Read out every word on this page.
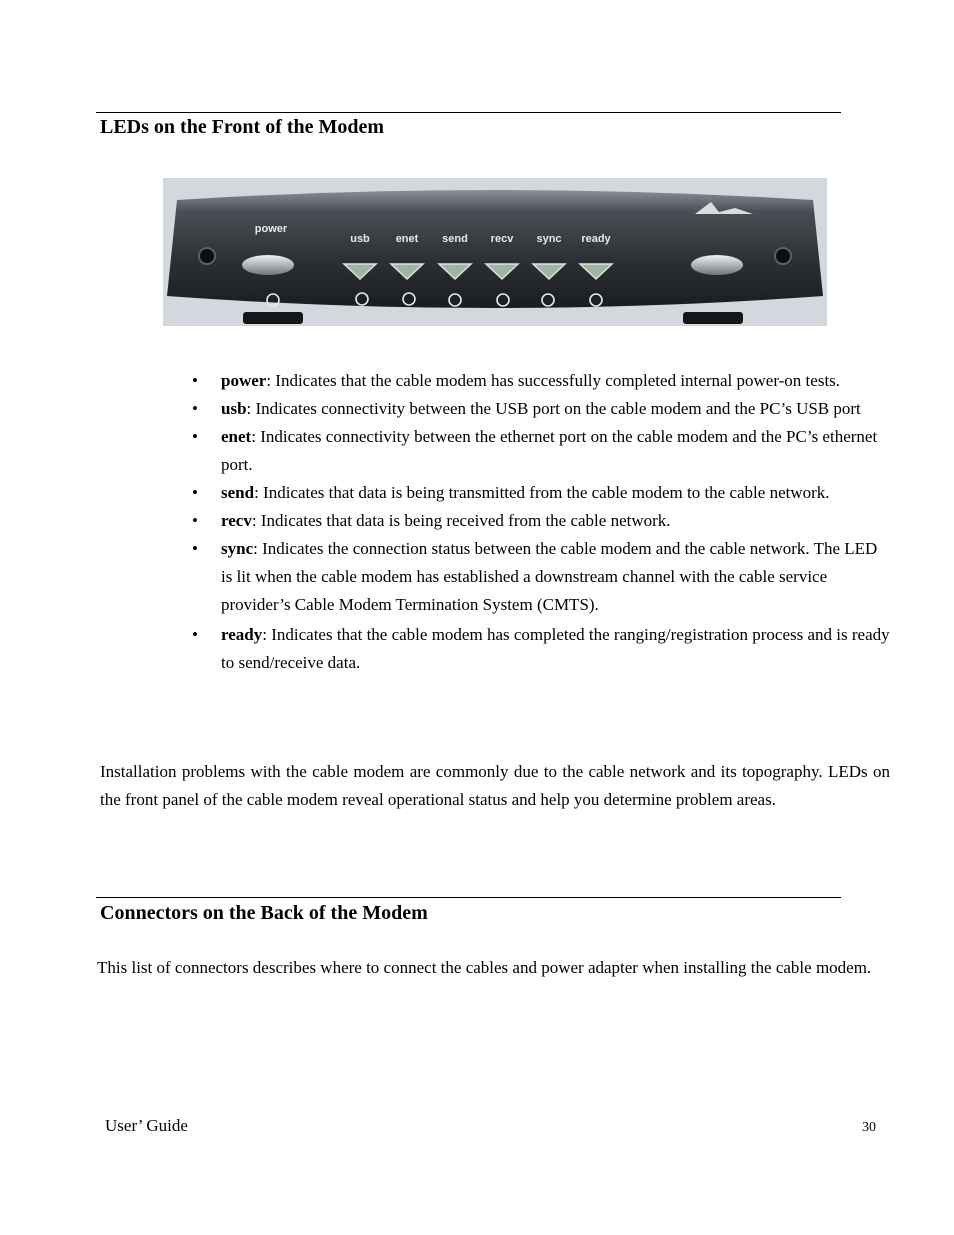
LEDs on the Front of the Modem
power
usb enet send recv sync ready
• power: Indicates that the cable modem has successfully completed internal power-on tests.
• usb: Indicates connectivity between the USB port on the cable modem and the PC’s USB port
• enet: Indicates connectivity between the ethernet port on the cable modem and the PC’s ethernet port.
• send: Indicates that data is being transmitted from the cable modem to the cable network.
• recv: Indicates that data is being received from the cable network.
• sync: Indicates the connection status between the cable modem and the cable network. The LED is lit when the cable modem has established a downstream channel with the cable service provider’s Cable Modem Termination System (CMTS).
• ready: Indicates that the cable modem has completed the ranging/registration process and is ready to send/receive data.

Installation problems with the cable modem are commonly due to the cable network and its topography. LEDs on the front panel of the cable modem reveal operational status and help you determine problem areas.

Connectors on the Back of the Modem

This list of connectors describes where to connect the cables and power adapter when installing the cable modem.

User’ Guide	30
